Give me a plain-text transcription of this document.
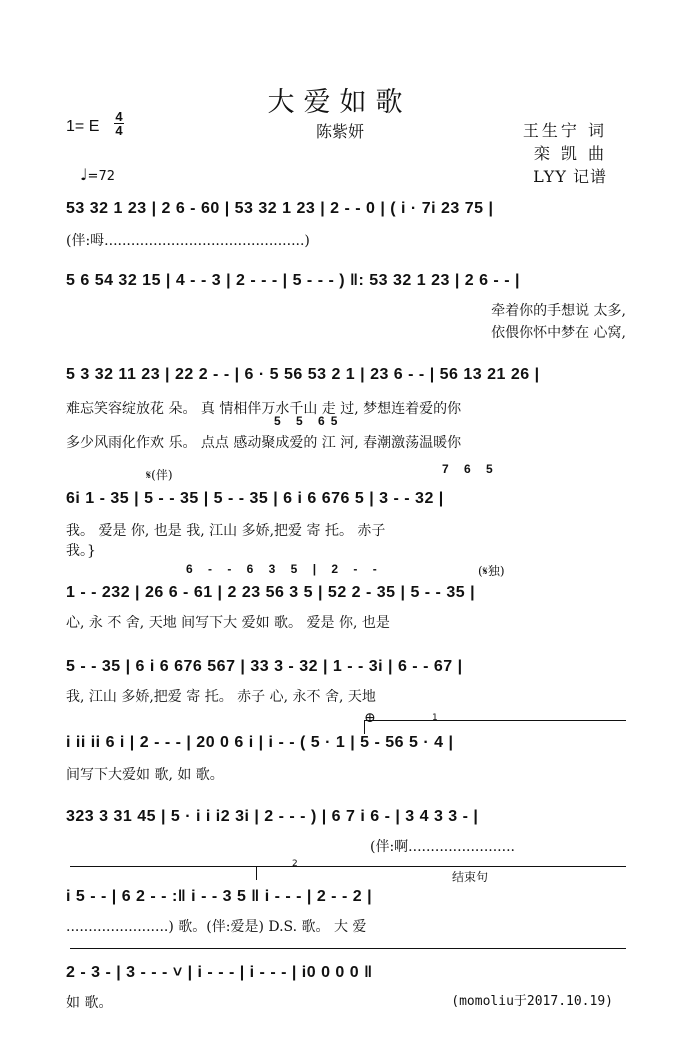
大爱如歌
1= E
4
4	陈紫妍	王生宁 词
栾 凯 曲
LYY 记谱
♩=72
53 32 1 23 | 2 6 - 60 | 53 32 1 23 | 2 - - 0 | ( i · 7i 23 75 |
(伴:呣.............................................)
5 6 54 32 15 | 4 - - 3 | 2 - - - | 5 - - - ) ‖: 53 32 1 23 | 2 6 - - |
牵着你的手想说 太多,
依偎你怀中梦在 心窝,
5 3 32 11 23 | 22 2 - - | 6 · 5 56 53 2 1 | 23 6 - - | 56 13 21 26 |
难忘笑容绽放花 朵。 真 情相伴万水千山 走 过, 梦想连着爱的你
5 5 65
多少风雨化作欢 乐。 点点 感动聚成爱的 江 河, 春潮激荡温暖你
𝄋(伴)	7 6 5
6i 1 - 35 | 5 - - 35 | 5 - - 35 | 6 i 6 676 5 | 3 - - 32 |
我。 爱是 你, 也是 我, 江山 多娇,把爱 寄 托。 赤子
我。}
6 - - 6 3 5 | 2 - -	(𝄋独)
1 - - 232 | 26 6 - 61 | 2 23 56 3 5 | 52 2 - 35 | 5 - - 35 |
心, 永 不 舍, 天地 间写下大 爱如 歌。 爱是 你, 也是
5 - - 35 | 6 i 6 676 567 | 33 3 - 32 | 1 - - 3i | 6 - - 67 |
我, 江山 多娇,把爱 寄 托。 赤子 心, 永不 舍, 天地
1
⊕
i ii ii 6 i | 2 - - - | 20 0 6 i | i - - ( 5 · 1 | 5 - 56 5 · 4 |
间写下大爱如 歌, 如 歌。
323 3 31 45 | 5 · i i i2 3i | 2 - - - ) | 6 7 i 6 - | 3 4 3 3 - |
(伴:啊........................
2
结束句
i 5 - - | 6 2 - - :‖ i - - 3 5 ‖ i - - - | 2 - - 2 |
.......................) 歌。(伴:爱是) D.S. 歌。 大 爱
2 - 3 - | 3 - - - ˅ | i - - - | i - - - | i0 0 0 0 ‖
如 歌。	(momoliu于2017.10.19)
